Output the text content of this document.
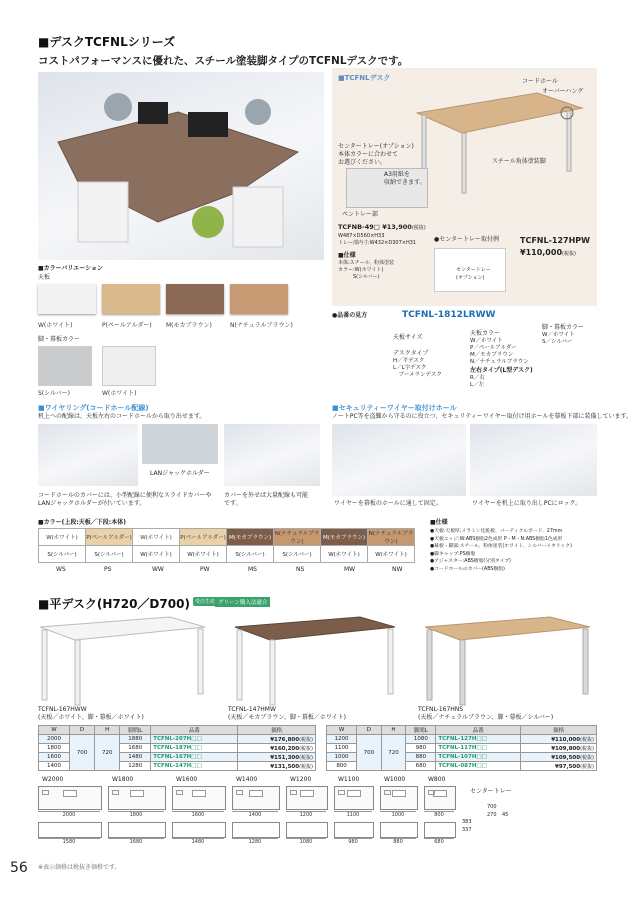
■デスクTCFNLシリーズ
コストパフォーマンスに優れた、スチール塗装脚タイプのTCFNLデスクです。
■TCFNLデスク	コードホール
オーバーハング
センタートレー(オプション)
本体カラーに合わせて
お選びください。	スチール角体塗装脚
A3用紙を
収納できます。
ペントレー部
TCFNB-49□ ¥13,900(税抜)
W487×D560×H33
トレー部内寸:W432×D307×H31
■仕様
本体:スチール、粉体塗装
カラー:W(ホワイト)
　　　S(シルバー)
●センタートレー取付例
センタートレー
(オプション)
TCFNL-127HPW
¥110,000(税抜)
■カラーバリエーション
天板
W(ホワイト)	P(ペールアルダー) M(モカブラウン)	N(ナチュラルブラウン)
脚・幕板カラー
S(シルバー)	W(ホワイト)
●品番の見方	TCFNL-1812LRWW
天板サイズ
デスクタイプ
H／平デスク
L／L字デスク
　ブーメランデスク
天板カラー
W／ホワイト
P／ペールアルダー
M／モカブラウン
N／ナチュラルブラウン
左右タイプ(L型デスク)
R／右
L／左
脚・幕板カラー
W／ホワイト
S／シルバー
■ワイヤリング(コードホール配線)
机上への配線は、天板左右のコードホールから取り出せます。
LANジャックホルダー
コードホールのカバーには、小型配線に便利なスライドカバーや
LANジャックホルダーが付いています。
カバーを外せば大量配線も可能
です。
■セキュリティーワイヤー取付けホール
ノートPC等を盗難から守るのに役立つ、セキュリティーワイヤー取付け用ホールを幕板下部に装備しています。
ワイヤーを幕板のホールに通して固定。	ワイヤーを机上に取り出しPCにロック。
■カラー(上段:天板／下段:本体)
W(ホワイト)	P(ペールアルダー)	W(ホワイト)	P(ペールアルダー)	M(モカブラウン)	N(ナチュラルブラウン)	M(モカブラウン)	N(ナチュラルブラウン)
S(シルバー)	S(シルバー)	W(ホワイト)	W(ホワイト)	S(シルバー)	S(シルバー)	W(ホワイト)	W(ホワイト)
WS	PS	WW	PW	MS	NS	MW	NW
■仕様
●天板:天板厚:メラミン化粧板、パーティクルボード、27mm
●天板エッジ:W:ABS樹脂2色成形 P・M・N:ABS樹脂1色成形
●幕板・脚部:スチール、粉体塗装(ホワイト、シルバーメタリック)
●脚キャップ:PS樹脂
●アジャスター:ABS樹脂(分別タイプ)
●コードホールのカバー(ABS樹脂)
■平デスク(H720／D700)	受注生産 グリーン購入法適合
TCFNL-167HWW
(天板／ホワイト、脚・幕板／ホワイト)
TCFNL-147HMW
(天板／モカブラウン、脚・幕板／ホワイト)
TCFNL-167HNS
(天板／ナチュラルブラウン、脚・幕板／シルバー)
W	D	H	脚間L	品番	価格
2000	700	720	1880	TCFNL-207H□□	¥176,800(税抜)
1800			1680	TCFNL-187H□□	¥160,200(税抜)
1600			1480	TCFNL-167H□□	¥151,300(税抜)
1400			1280	TCFNL-147H□□	¥131,500(税抜)
W	D	H	脚間L	品番	価格
1200	700	720	1080	TCFNL-127H□□	¥110,000(税抜)
1100			980	TCFNL-117H□□	¥109,800(税抜)
1000			880	TCFNL-107H□□	¥109,500(税抜)
800			680	TCFNL-087H□□	¥97,500(税抜)
W2000
2000
1580
W1800
1800
1680
W1600
1600
1480
W1400
1400
1280
W1200
1200
1080
W1100
1100
980
W1000
1000
880
W800
800
680
センタートレー
700
270 45
383
337
56 ※表示価格は税抜き価格です。
